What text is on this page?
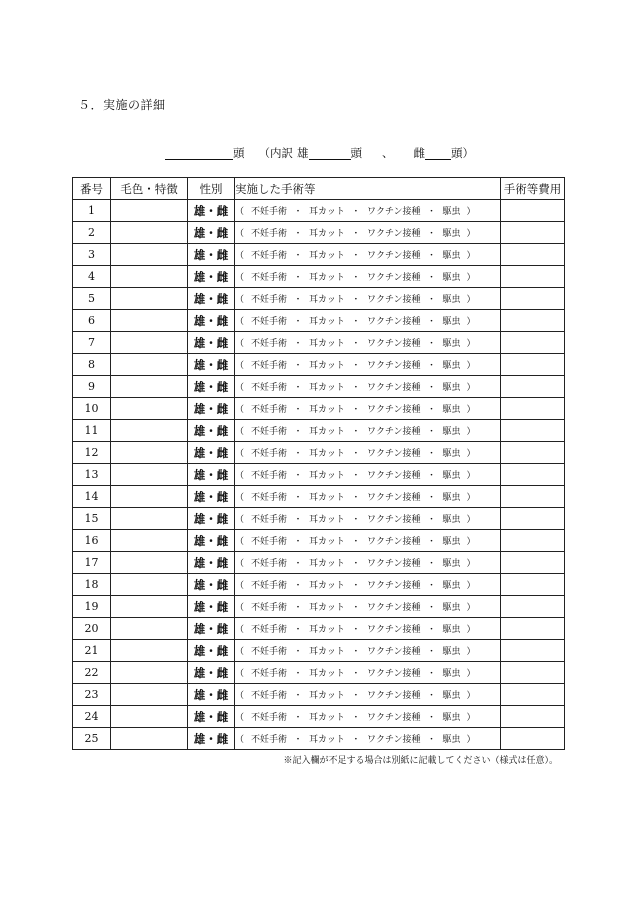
５．実施の詳細
頭 （内訳 雄	頭 、 雌 頭）
番号	毛色・特徴	性別	実施した手術等	手術等費用
1		雄・雌	（ 不妊手術 ・ 耳カット ・ ワクチン接種 ・ 駆虫 ）	
2		雄・雌	（ 不妊手術 ・ 耳カット ・ ワクチン接種 ・ 駆虫 ）	
3		雄・雌	（ 不妊手術 ・ 耳カット ・ ワクチン接種 ・ 駆虫 ）	
4		雄・雌	（ 不妊手術 ・ 耳カット ・ ワクチン接種 ・ 駆虫 ）	
5		雄・雌	（ 不妊手術 ・ 耳カット ・ ワクチン接種 ・ 駆虫 ）	
6		雄・雌	（ 不妊手術 ・ 耳カット ・ ワクチン接種 ・ 駆虫 ）	
7		雄・雌	（ 不妊手術 ・ 耳カット ・ ワクチン接種 ・ 駆虫 ）	
8		雄・雌	（ 不妊手術 ・ 耳カット ・ ワクチン接種 ・ 駆虫 ）	
9		雄・雌	（ 不妊手術 ・ 耳カット ・ ワクチン接種 ・ 駆虫 ）	
10		雄・雌	（ 不妊手術 ・ 耳カット ・ ワクチン接種 ・ 駆虫 ）	
11		雄・雌	（ 不妊手術 ・ 耳カット ・ ワクチン接種 ・ 駆虫 ）	
12		雄・雌	（ 不妊手術 ・ 耳カット ・ ワクチン接種 ・ 駆虫 ）	
13		雄・雌	（ 不妊手術 ・ 耳カット ・ ワクチン接種 ・ 駆虫 ）	
14		雄・雌	（ 不妊手術 ・ 耳カット ・ ワクチン接種 ・ 駆虫 ）	
15		雄・雌	（ 不妊手術 ・ 耳カット ・ ワクチン接種 ・ 駆虫 ）	
16		雄・雌	（ 不妊手術 ・ 耳カット ・ ワクチン接種 ・ 駆虫 ）	
17		雄・雌	（ 不妊手術 ・ 耳カット ・ ワクチン接種 ・ 駆虫 ）	
18		雄・雌	（ 不妊手術 ・ 耳カット ・ ワクチン接種 ・ 駆虫 ）	
19		雄・雌	（ 不妊手術 ・ 耳カット ・ ワクチン接種 ・ 駆虫 ）	
20		雄・雌	（ 不妊手術 ・ 耳カット ・ ワクチン接種 ・ 駆虫 ）	
21		雄・雌	（ 不妊手術 ・ 耳カット ・ ワクチン接種 ・ 駆虫 ）	
22		雄・雌	（ 不妊手術 ・ 耳カット ・ ワクチン接種 ・ 駆虫 ）	
23		雄・雌	（ 不妊手術 ・ 耳カット ・ ワクチン接種 ・ 駆虫 ）	
24		雄・雌	（ 不妊手術 ・ 耳カット ・ ワクチン接種 ・ 駆虫 ）	
25		雄・雌	（ 不妊手術 ・ 耳カット ・ ワクチン接種 ・ 駆虫 ）	
※記入欄が不足する場合は別紙に記載してください（様式は任意）。
